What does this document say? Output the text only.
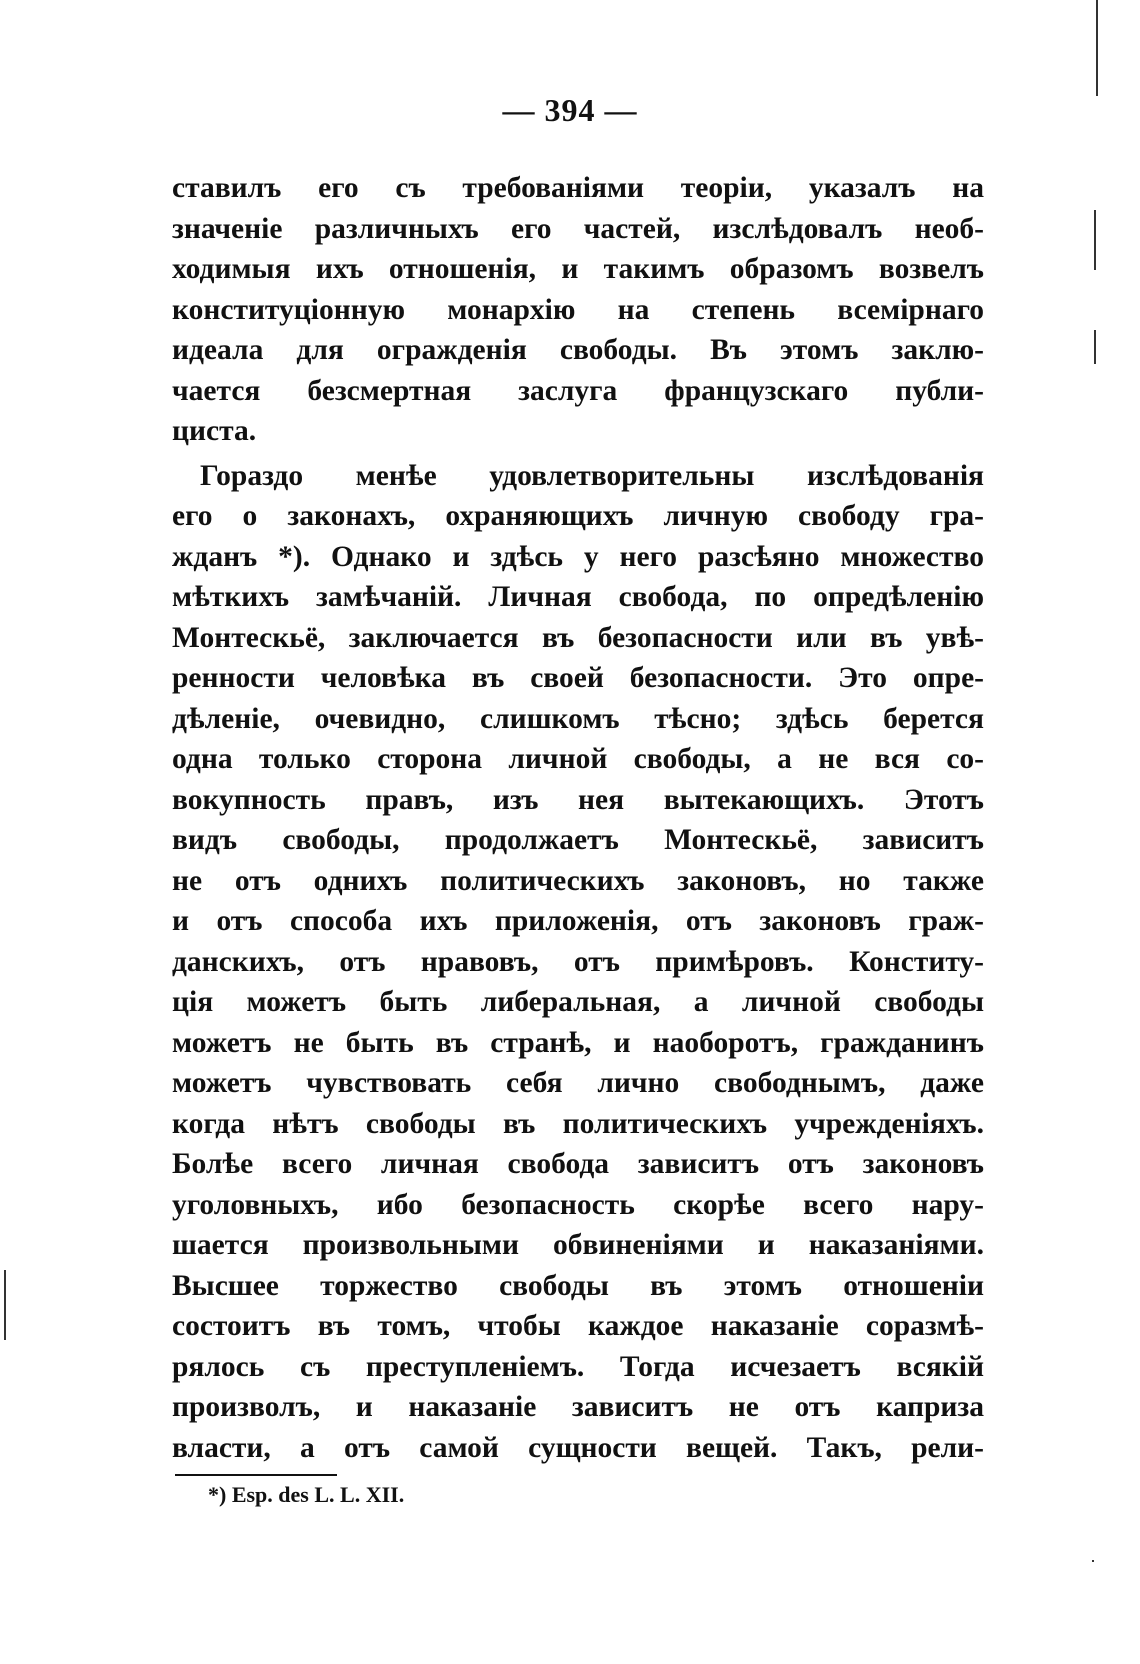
— 394 —

ставилъ его съ требованіями теоріи, указалъ на
значеніе различныхъ его частей, изслѣдовалъ необ-
ходимыя ихъ отношенія, и такимъ образомъ возвелъ
конституціонную монархію на степень всемірнаго
идеала для огражденія свободы. Въ этомъ заклю-
чается безсмертная заслуга французскаго публи-
циста.

Гораздо менѣе удовлетворительны изслѣдованія
его о законахъ, охраняющихъ личную свободу гра-
жданъ *). Однако и здѣсь у него разсѣяно множество
мѣткихъ замѣчаній. Личная свобода, по опредѣленію
Монтескьё, заключается въ безопасности или въ увѣ-
ренности человѣка въ своей безопасности. Это опре-
дѣленіе, очевидно, слишкомъ тѣсно; здѣсь берется
одна только сторона личной свободы, а не вся со-
вокупность правъ, изъ нея вытекающихъ. Этотъ
видъ свободы, продолжаетъ Монтескьё, зависитъ
не отъ однихъ политическихъ законовъ, но также
и отъ способа ихъ приложенія, отъ законовъ граж-
данскихъ, отъ нравовъ, отъ примѣровъ. Конститу-
ція можетъ быть либеральная, а личной свободы
можетъ не быть въ странѣ, и наоборотъ, гражданинъ
можетъ чувствовать себя лично свободнымъ, даже
когда нѣтъ свободы въ политическихъ учрежденіяхъ.
Болѣе всего личная свобода зависитъ отъ законовъ
уголовныхъ, ибо безопасность скорѣе всего нару-
шается произвольными обвиненіями и наказаніями.
Высшее торжество свободы въ этомъ отношеніи
состоитъ въ томъ, чтобы каждое наказаніе соразмѣ-
рялось съ преступленіемъ. Тогда исчезаетъ всякій
произволъ, и наказаніе зависитъ не отъ каприза
власти, а отъ самой сущности вещей. Такъ, рели-

*) Esp. des L. L. XII.
